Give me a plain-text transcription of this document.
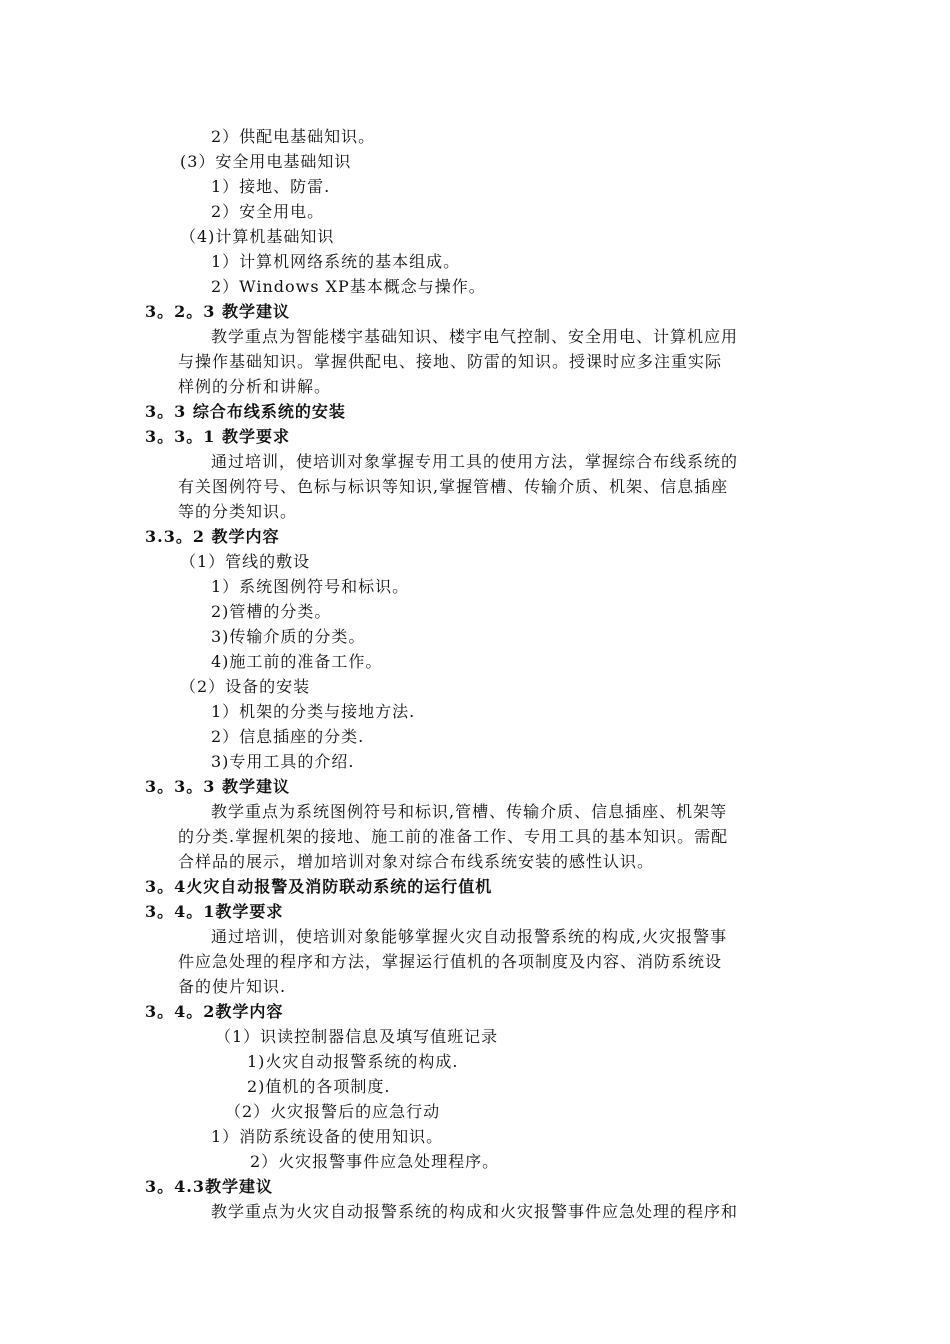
2）供配电基础知识。
(3）安全用电基础知识
1）接地、防雷.
2）安全用电。
（4)计算机基础知识
1）计算机网络系统的基本组成。
2）Windows XP基本概念与操作。
3。2。3 教学建议
教学重点为智能楼宇基础知识、楼宇电气控制、安全用电、计算机应用
与操作基础知识。掌握供配电、接地、防雷的知识。授课时应多注重实际
样例的分析和讲解。
3。3 综合布线系统的安装
3。3。1 教学要求
通过培训，使培训对象掌握专用工具的使用方法，掌握综合布线系统的
有关图例符号、色标与标识等知识,掌握管槽、传输介质、机架、信息插座
等的分类知识。
3.3。2 教学内容
（1）管线的敷设
1）系统图例符号和标识。
2)管槽的分类。
3)传输介质的分类。
4)施工前的准备工作。
（2）设备的安装
1）机架的分类与接地方法.
2）信息插座的分类.
3)专用工具的介绍.
3。3。3 教学建议
教学重点为系统图例符号和标识,管槽、传输介质、信息插座、机架等
的分类.掌握机架的接地、施工前的准备工作、专用工具的基本知识。需配
合样品的展示，增加培训对象对综合布线系统安装的感性认识。
3。4火灾自动报警及消防联动系统的运行值机
3。4。1教学要求
通过培训，使培训对象能够掌握火灾自动报警系统的构成,火灾报警事
件应急处理的程序和方法，掌握运行值机的各项制度及内容、消防系统设
备的使片知识.
3。4。2教学内容
（1）识读控制器信息及填写值班记录
1)火灾自动报警系统的构成.
2)值机的各项制度.
（2）火灾报警后的应急行动
1）消防系统设备的使用知识。
2）火灾报警事件应急处理程序。
3。4.3教学建议
教学重点为火灾自动报警系统的构成和火灾报警事件应急处理的程序和
